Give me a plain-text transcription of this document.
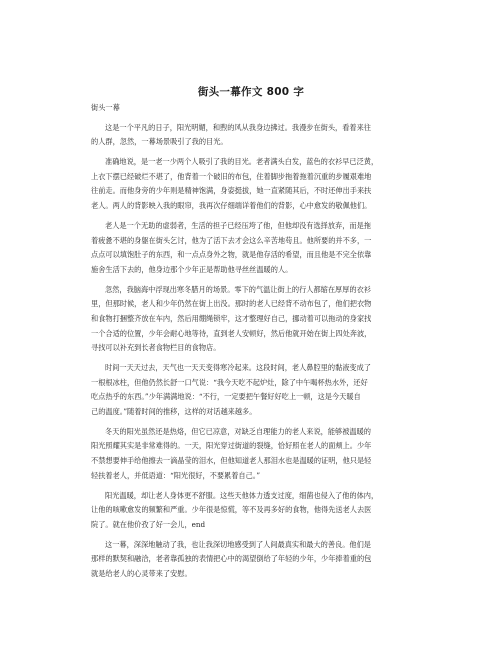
街头一幕作文 800 字
街头一幕
这是一个平凡的日子，阳光明媚，和煦的风从我身边拂过。我漫步在街头，看着来往
的人群，忽然，一幕场景吸引了我的目光。
准确地说，是一老一少两个人吸引了我的目光。老者满头白发，蓝色的衣衫早已泛黄，
上衣下摆已经破烂不堪了，他背着一个破旧的布包，住着脚步拖着拖着沉重的步履艰难地
往前走。而他身旁的少年则是精神饱满，身姿挺拔，她一直紧随其后，不时还伸出手来扶
老人。两人的背影映入我的眼帘，我再次仔细端详着他们的背影，心中愈发的敬佩他们。
老人是一个无助的虚弱者，生活的担子已经压垮了他，但他却没有选择放弃，而是拖
着疲惫不堪的身躯在街头乞讨，他为了活下去才会这么辛苦地苟且。他所要的并不多，一
点点可以填饱肚子的东西，和一点点身外之物，就是他存活的希望，而且他是不完全依靠
施舍生活下去的，他身边那个少年正是帮助他寻丝丝温暖的人。
忽然，我脑海中浮现出寒冬腊月的场景。零下的气温让街上的行人都缩在厚厚的衣衫
里，但那时候，老人和少年仍然在街上出没。那时的老人已经背不动布包了，他们把衣物
和食物打捆整齐放在车内，然后用绷绳锁牢，这才整理好自己，挪动着可以拖动的身家找
一个合适的位置，少年会耐心地等待，直到老人安顿好，然后他就开始在街上四处奔波，
寻找可以补充到长者食物栏目的食物店。
时间一天天过去，天气也一天天变得寒冷起来。这段时间，老人鼻腔里的黏液变成了
一根根冰柱，但他仍然长舒一口气说：“我今天吃不起炉灶，除了中午喝杯热水外，还好
吃点热乎的东西。”少年满满地说：“不行，一定要把午餐好好吃上一顿，这是今天暖自
己的温度。”随着时间的推移，这样的对话越来越多。
冬天的阳光虽然还是热烙，但它已凉意，对缺乏自理能力的老人来说，能够被温暖的
阳光照耀其实是非常难得的。一天，阳光穿过街道的裂缝，恰好照在老人的面颊上。少年
不禁想要伸手给他擦去一滴晶莹的泪水，但他知道老人那泪水也是温暖的证明，他只是轻
轻扶着老人，并低语道：“阳光很好，不要累着自己。”
阳光温暖，却让老人身体更不舒服。这些天他体力透支过度，细菌也侵入了他的体内，
让他的咳嗽愈发的频繁和严重。少年很是惊慌，等不及再多好的食物，他得先送老人去医
院了。就在他价孜了好一会儿，end
这一幕，深深地触动了我，也让我深切地感受到了人间最真实和最大的善良。他们是
那样的默契和融洽，老者靠孤独的表情把心中的渴望倒给了年轻的少年，少年捧着重的包
就是给老人的心灵带来了安慰。
